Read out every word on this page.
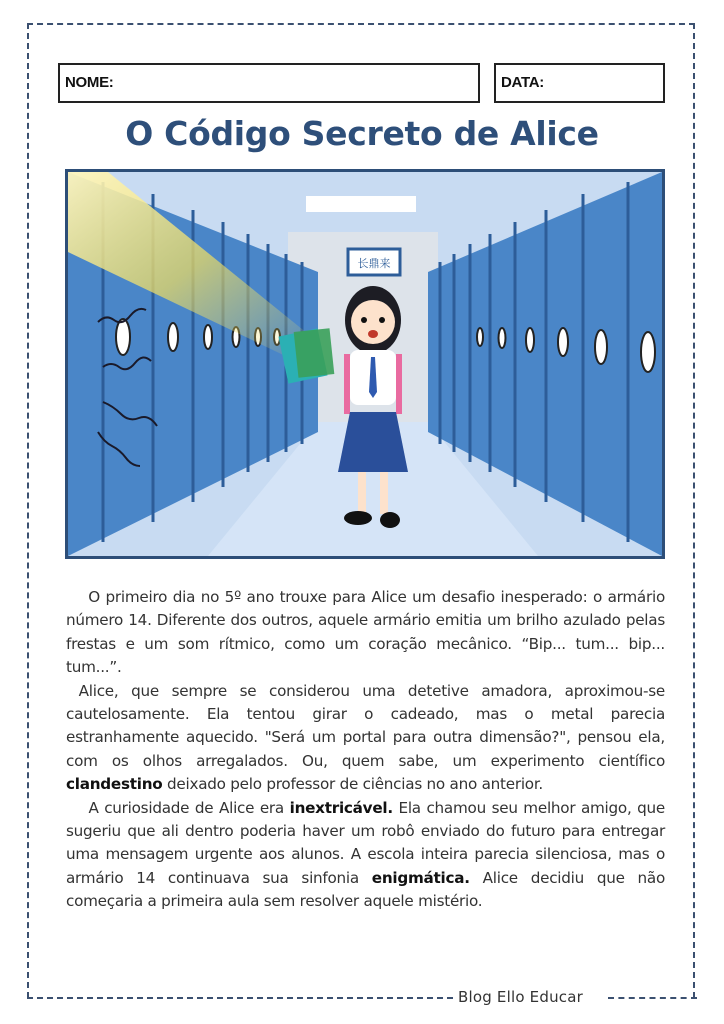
Blog Ello Educar
NOME:	DATA:
O Código Secreto de Alice
长鼎来

O primeiro dia no 5º ano trouxe para Alice um desafio inesperado: o armário número 14. Diferente dos outros, aquele armário emitia um brilho azulado pelas frestas e um som rítmico, como um coração mecânico. “Bip... tum... bip... tum...”.

Alice, que sempre se considerou uma detetive amadora, aproximou-se cautelosamente. Ela tentou girar o cadeado, mas o metal parecia estranhamente aquecido. "Será um portal para outra dimensão?", pensou ela, com os olhos arregalados. Ou, quem sabe, um experimento científico clandestino deixado pelo professor de ciências no ano anterior.

A curiosidade de Alice era inextricável. Ela chamou seu melhor amigo, que sugeriu que ali dentro poderia haver um robô enviado do futuro para entregar uma mensagem urgente aos alunos. A escola inteira parecia silenciosa, mas o armário 14 continuava sua sinfonia enigmática. Alice decidiu que não começaria a primeira aula sem resolver aquele mistério.
